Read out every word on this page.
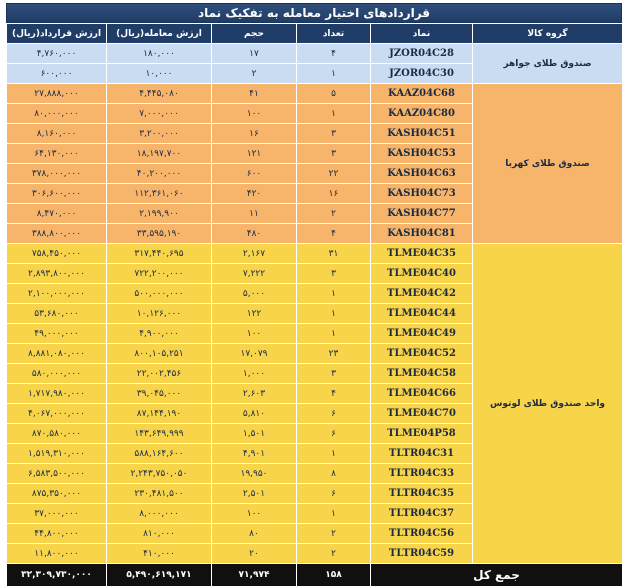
قراردادهای اختیار معامله به تفکیک نماد
گروه کالا	نماد	تعداد	حجم	ارزش معامله(ریال)	ارزش قرارداد(ریال)
صندوق طلای جواهر	JZOR04C28	۴	۱۷	۱۸۰,۰۰۰	۴,۷۶۰,۰۰۰
	JZOR04C30	۱	۲	۱۰,۰۰۰	۶۰۰,۰۰۰
صندوق طلای کهربا	KAAZ04C68	۵	۴۱	۴,۴۴۵,۰۸۰	۲۷,۸۸۸,۰۰۰
	KAAZ04C80	۱	۱۰۰	۷,۰۰۰,۰۰۰	۸۰,۰۰۰,۰۰۰
	KASH04C51	۳	۱۶	۳,۲۰۰,۰۰۰	۸,۱۶۰,۰۰۰
	KASH04C53	۳	۱۲۱	۱۸,۱۹۷,۷۰۰	۶۴,۱۳۰,۰۰۰
	KASH04C63	۲۲	۶۰۰	۴۰,۲۰۰,۰۰۰	۳۷۸,۰۰۰,۰۰۰
	KASH04C73	۱۶	۴۲۰	۱۱۲,۳۶۱,۰۶۰	۳۰۶,۶۰۰,۰۰۰
	KASH04C77	۲	۱۱	۲,۱۹۹,۹۰۰	۸,۴۷۰,۰۰۰
	KASH04C81	۴	۴۸۰	۳۳,۵۹۵,۱۹۰	۳۸۸,۸۰۰,۰۰۰
واحد صندوق طلای لوتوس	TLME04C35	۳۱	۲,۱۶۷	۳۱۷,۴۴۰,۶۹۵	۷۵۸,۴۵۰,۰۰۰
	TLME04C40	۳	۷,۲۲۲	۷۲۲,۲۰۰,۰۰۰	۲,۸۹۳,۸۰۰,۰۰۰
	TLME04C42	۱	۵,۰۰۰	۵۰۰,۰۰۰,۰۰۰	۲,۱۰۰,۰۰۰,۰۰۰
	TLME04C44	۱	۱۲۲	۱۰,۱۲۶,۰۰۰	۵۳,۶۸۰,۰۰۰
	TLME04C49	۱	۱۰۰	۴,۹۰۰,۰۰۰	۴۹,۰۰۰,۰۰۰
	TLME04C52	۲۳	۱۷,۰۷۹	۸۰۰,۱۰۵,۲۵۱	۸,۸۸۱,۰۸۰,۰۰۰
	TLME04C58	۳	۱,۰۰۰	۲۲,۰۰۲,۴۵۶	۵۸۰,۰۰۰,۰۰۰
	TLME04C66	۴	۲,۶۰۳	۳۹,۰۴۵,۰۰۰	۱,۷۱۷,۹۸۰,۰۰۰
	TLME04C70	۶	۵,۸۱۰	۸۷,۱۴۴,۱۹۰	۴,۰۶۷,۰۰۰,۰۰۰
	TLME04P58	۶	۱,۵۰۱	۱۴۳,۶۴۹,۹۹۹	۸۷۰,۵۸۰,۰۰۰
	TLTR04C31	۱	۴,۹۰۱	۵۸۸,۱۶۴,۶۰۰	۱,۵۱۹,۳۱۰,۰۰۰
	TLTR04C33	۸	۱۹,۹۵۰	۲,۲۴۳,۷۵۰,۰۵۰	۶,۵۸۳,۵۰۰,۰۰۰
	TLTR04C35	۶	۲,۵۰۱	۲۳۰,۴۸۱,۵۰۰	۸۷۵,۳۵۰,۰۰۰
	TLTR04C37	۱	۱۰۰	۸,۰۰۰,۰۰۰	۳۷,۰۰۰,۰۰۰
	TLTR04C56	۲	۸۰	۸۱۰,۰۰۰	۴۴,۸۰۰,۰۰۰
	TLTR04C59	۲	۲۰	۴۱۰,۰۰۰	۱۱,۸۰۰,۰۰۰
جمع کل		۱۵۸	۷۱,۹۷۴	۵,۴۹۰,۶۱۹,۱۷۱	۳۲,۳۰۹,۷۳۰,۰۰۰
